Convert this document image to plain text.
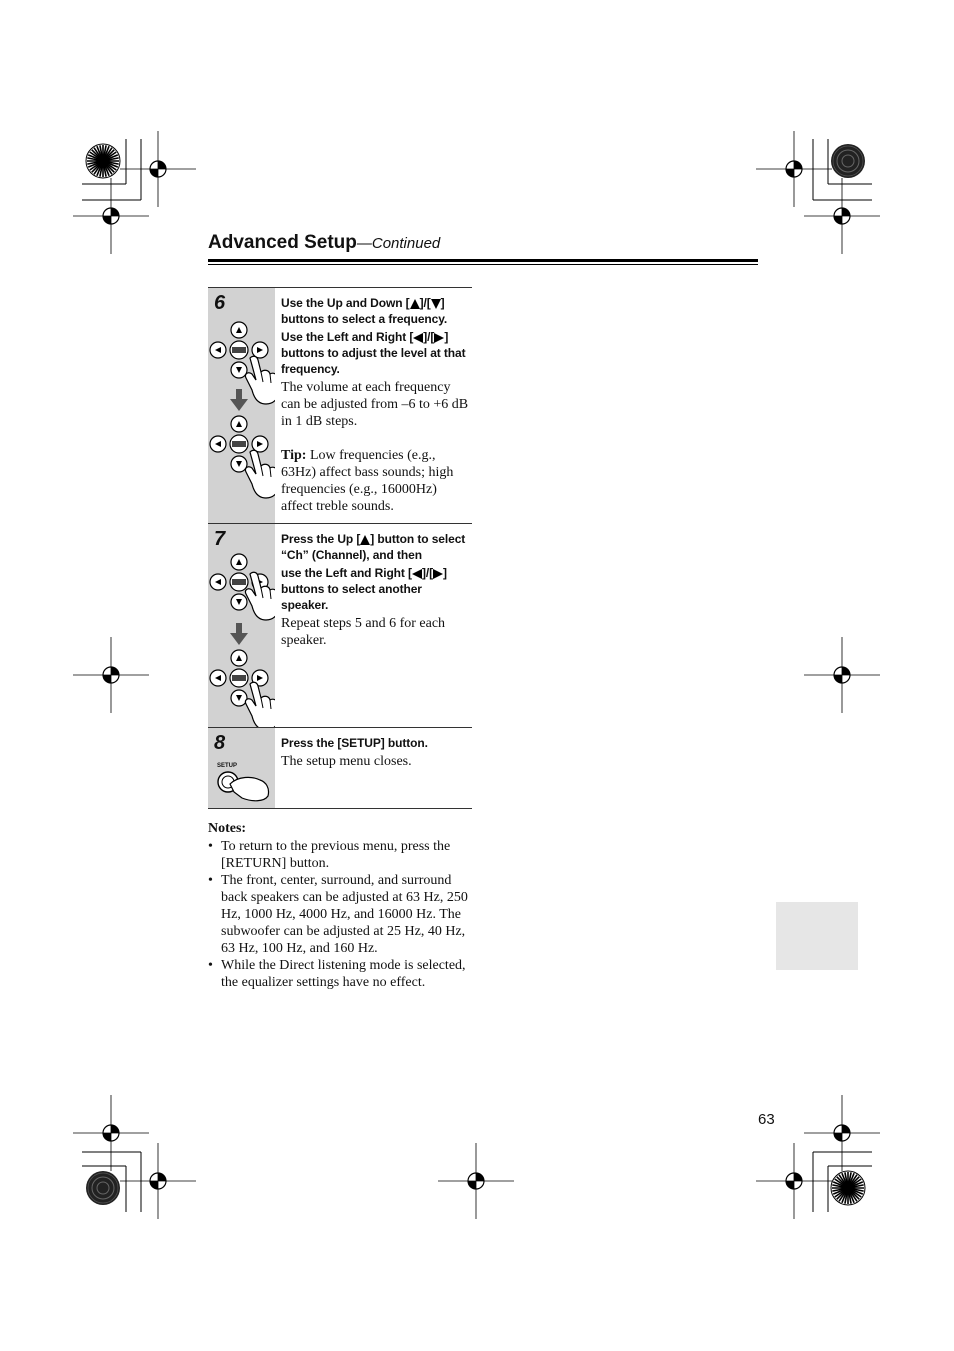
Advanced Setup—Continued
6	Use the Up and Down [ ]/[ ] buttons to select a frequency.

Use the Left and Right [ ]/[ ] buttons to adjust the level at that frequency.

The volume at each frequency can be adjusted from –6 to +6 dB in 1 dB steps.

Tip: Low frequencies (e.g., 63Hz) affect bass sounds; high frequencies (e.g., 16000Hz) affect treble sounds.

7	Press the Up [ ] button to select “Ch” (Channel), and then

use the Left and Right [ ]/[ ] buttons to select another speaker.

Repeat steps 5 and 6 for each speaker.

8
SETUP

Press the [SETUP] button.

The setup menu closes.

Notes:
• To return to the previous menu, press the [RETURN] button.
• The front, center, surround, and surround back speakers can be adjusted at 63 Hz, 250 Hz, 1000 Hz, 4000 Hz, and 16000 Hz. The subwoofer can be adjusted at 25 Hz, 40 Hz, 63 Hz, 100 Hz, and 160 Hz.
• While the Direct listening mode is selected, the equalizer settings have no effect.
63
